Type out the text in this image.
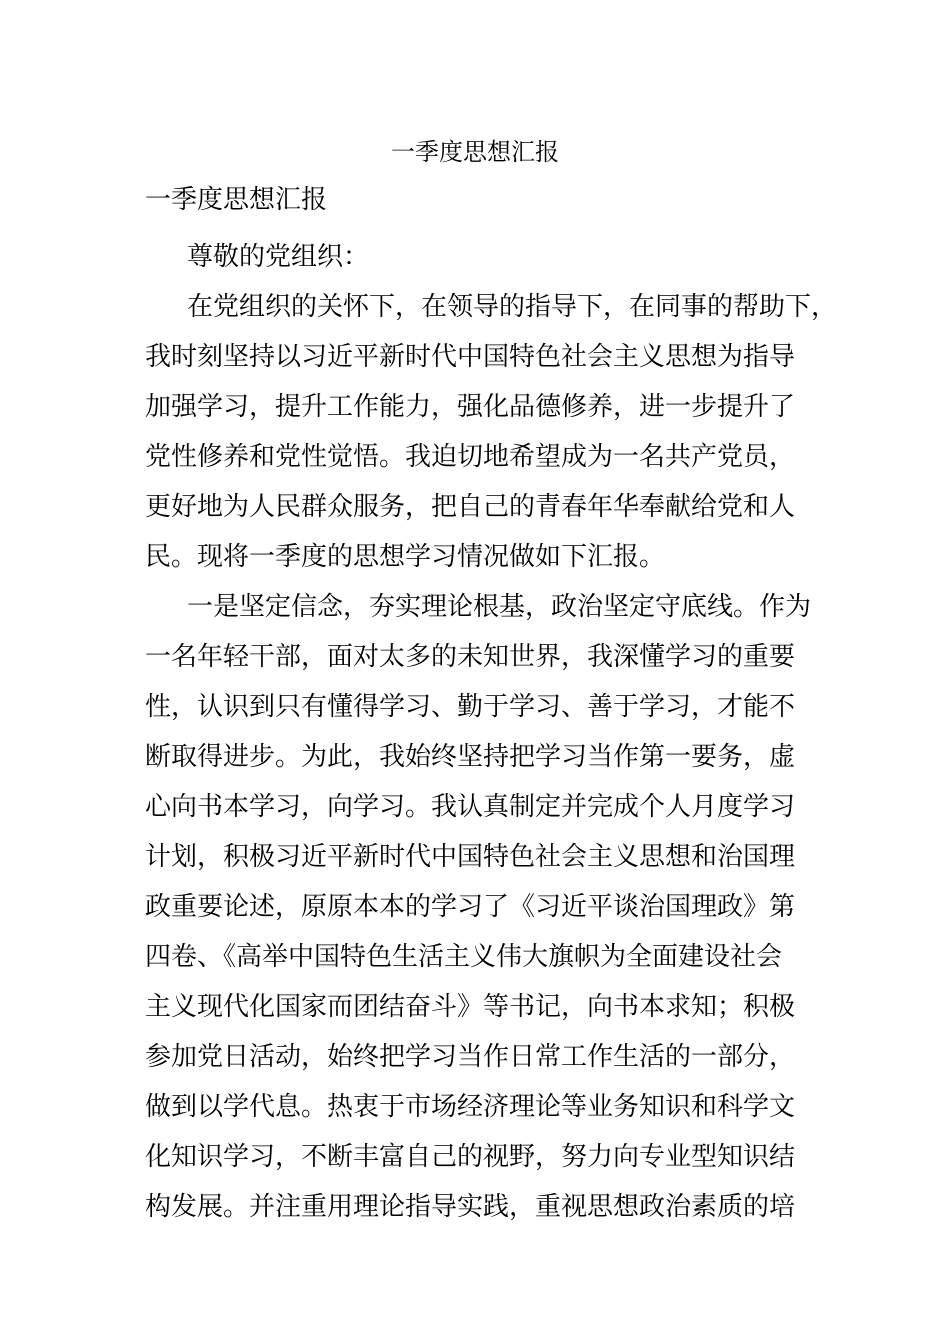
一季度思想汇报
一季度思想汇报
尊敬的党组织：
在党组织的关怀下，在领导的指导下，在同事的帮助下，
我时刻坚持以习近平新时代中国特色社会主义思想为指导
加强学习，提升工作能力，强化品德修养，进一步提升了
党性修养和党性觉悟。我迫切地希望成为一名共产党员，
更好地为人民群众服务，把自己的青春年华奉献给党和人
民。现将一季度的思想学习情况做如下汇报。
一是坚定信念，夯实理论根基，政治坚定守底线。作为
一名年轻干部，面对太多的未知世界，我深懂学习的重要
性，认识到只有懂得学习、勤于学习、善于学习，才能不
断取得进步。为此，我始终坚持把学习当作第一要务，虚
心向书本学习，向学习。我认真制定并完成个人月度学习
计划，积极习近平新时代中国特色社会主义思想和治国理
政重要论述，原原本本的学习了《习近平谈治国理政》第
四卷、《高举中国特色生活主义伟大旗帜为全面建设社会
主义现代化国家而团结奋斗》等书记，向书本求知；积极
参加党日活动，始终把学习当作日常工作生活的一部分，
做到以学代息。热衷于市场经济理论等业务知识和科学文
化知识学习，不断丰富自己的视野，努力向专业型知识结
构发展。并注重用理论指导实践，重视思想政治素质的培
